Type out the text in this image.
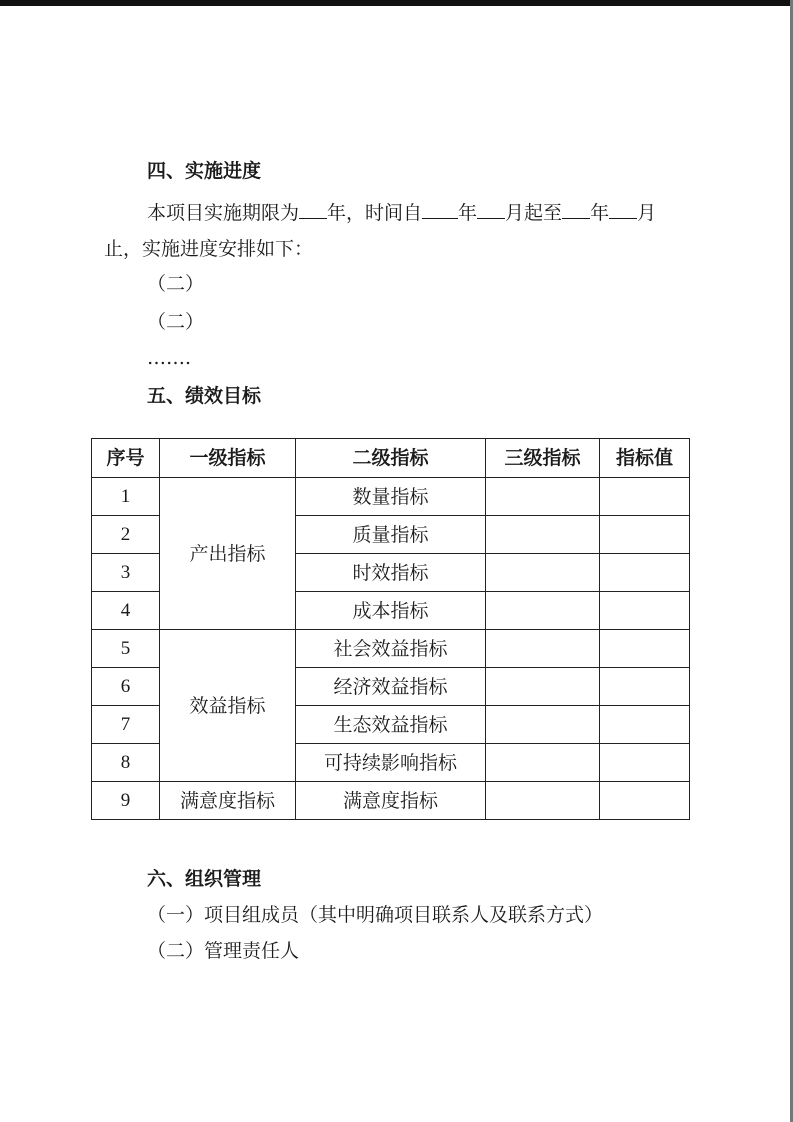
四、实施进度
本项目实施期限为 年，时间自 年 月起至 年 月
止，实施进度安排如下：
（二）
（二）
…….
五、绩效目标
序号	一级指标	二级指标	三级指标	指标值
1	产出指标	数量指标		
2		质量指标		
3		时效指标		
4		成本指标		
5	效益指标	社会效益指标		
6		经济效益指标		
7		生态效益指标		
8		可持续影响指标		
9	满意度指标	满意度指标		
六、组织管理
（一）项目组成员（其中明确项目联系人及联系方式）
（二）管理责任人
